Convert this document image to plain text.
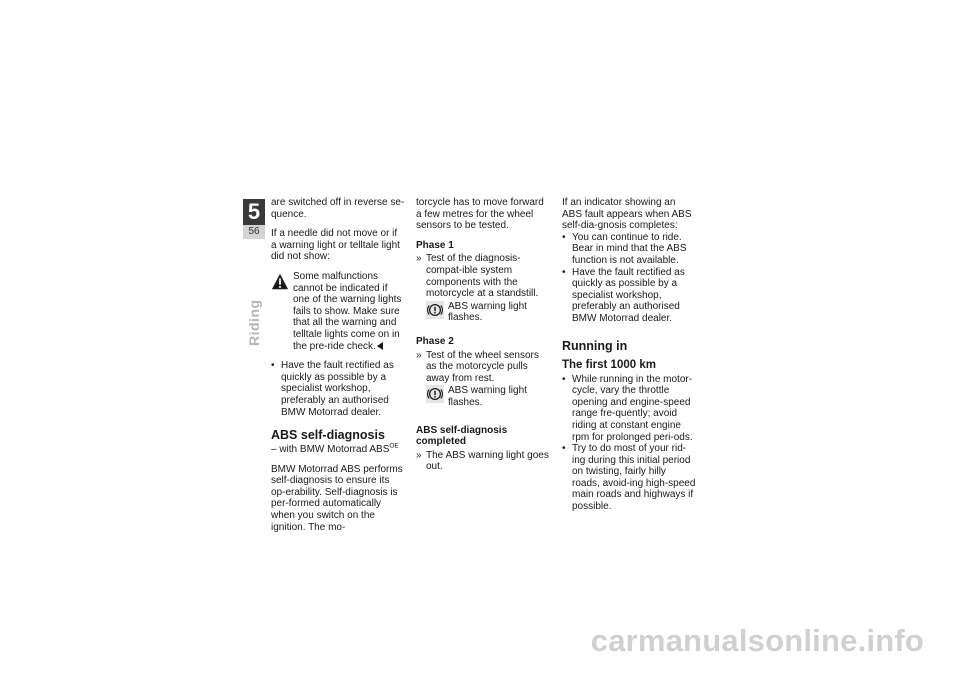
5
56
Riding

are switched off in reverse se-quence.

If a needle did not move or if a warning light or telltale light did not show:

Some malfunctions cannot be indicated if one of the warning lights fails to show. Make sure that all the warning and telltale lights come on in the pre-ride check.
• Have the fault rectified as quickly as possible by a specialist workshop, preferably an authorised BMW Motorrad dealer.
ABS self-diagnosis
– with BMW Motorrad $ABS^{OE}$

BMW Motorrad ABS performs self-diagnosis to ensure its op-erability. Self-diagnosis is per-formed automatically when you switch on the ignition. The mo-

torcycle has to move forward a few metres for the wheel sensors to be tested.

Phase 1
» Test of the diagnosis-compat-ible system components with the motorcycle at a standstill.
ABS warning light flashes.
Phase 2
» Test of the wheel sensors as the motorcycle pulls away from rest.
ABS warning light flashes.
ABS self-diagnosis completed
» The ABS warning light goes out.

If an indicator showing an ABS fault appears when ABS self-dia-gnosis completes:

• You can continue to ride. Bear in mind that the ABS function is not available.
• Have the fault rectified as quickly as possible by a specialist workshop, preferably an authorised BMW Motorrad dealer.
Running in
The first 1000 km
• While running in the motor-cycle, vary the throttle opening and engine-speed range fre-quently; avoid riding at constant engine rpm for prolonged peri-ods.
• Try to do most of your rid-ing during this initial period on twisting, fairly hilly roads, avoid-ing high-speed main roads and highways if possible.
carmanualsonline.info
